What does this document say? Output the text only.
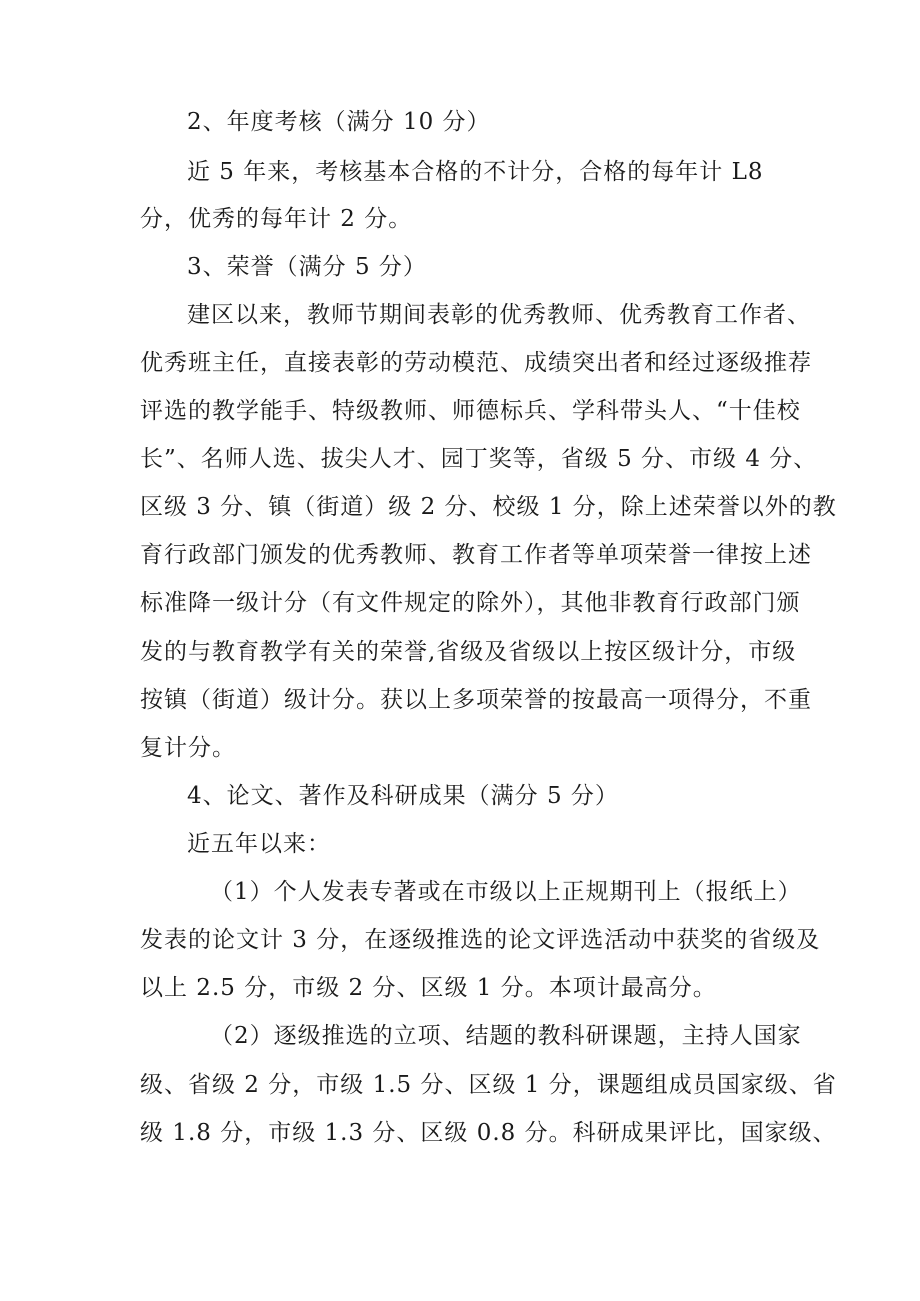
2、年度考核（满分 10 分）
近 5 年来，考核基本合格的不计分，合格的每年计 L8
分，优秀的每年计 2 分。
3、荣誉（满分 5 分）
建区以来，教师节期间表彰的优秀教师、优秀教育工作者、
优秀班主任，直接表彰的劳动模范、成绩突出者和经过逐级推荐
评选的教学能手、特级教师、师德标兵、学科带头人、“十佳校
长”、名师人选、拔尖人才、园丁奖等，省级 5 分、市级 4 分、
区级 3 分、镇（街道）级 2 分、校级 1 分，除上述荣誉以外的教
育行政部门颁发的优秀教师、教育工作者等单项荣誉一律按上述
标准降一级计分（有文件规定的除外），其他非教育行政部门颁
发的与教育教学有关的荣誉,省级及省级以上按区级计分，市级
按镇（街道）级计分。获以上多项荣誉的按最高一项得分，不重
复计分。
4、论文、著作及科研成果（满分 5 分）
近五年以来：
（1）个人发表专著或在市级以上正规期刊上（报纸上）
发表的论文计 3 分，在逐级推选的论文评选活动中获奖的省级及
以上 2.5 分，市级 2 分、区级 1 分。本项计最高分。
（2）逐级推选的立项、结题的教科研课题，主持人国家
级、省级 2 分，市级 1.5 分、区级 1 分，课题组成员国家级、省
级 1.8 分，市级 1.3 分、区级 0.8 分。科研成果评比，国家级、
